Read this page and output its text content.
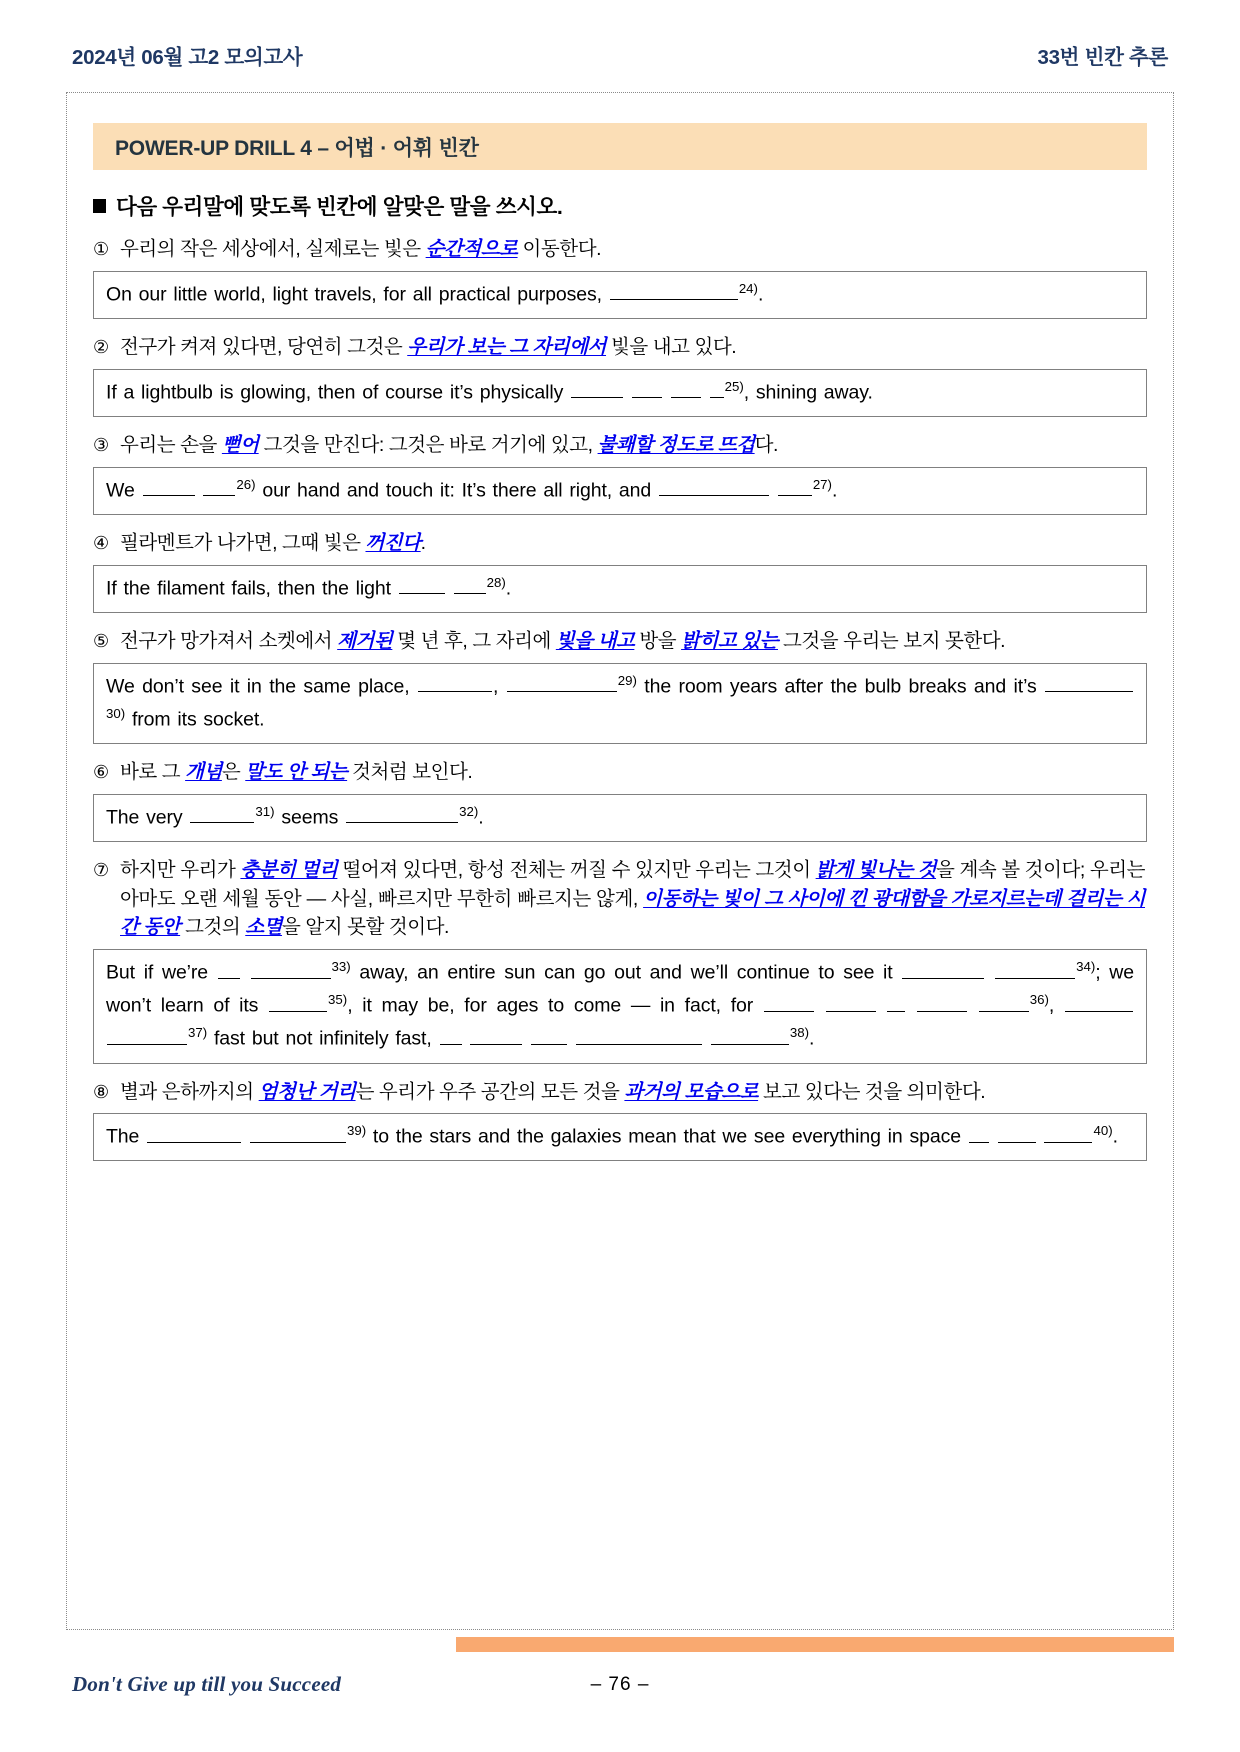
2024년 06월 고2 모의고사	33번 빈칸 추론
POWER-UP DRILL 4 – 어법 · 어휘 빈칸
다음 우리말에 맞도록 빈칸에 알맞은 말을 쓰시오.
① 우리의 작은 세상에서, 실제로는 빛은 순간적으로 이동한다.
On our little world, light travels, for all practical purposes,	$^{24)}$.
② 전구가 켜져 있다면, 당연히 그것은 우리가 보는 그 자리에서 빛을 내고 있다.
If a lightbulb is glowing, then of course it’s physically	$^{25)}$, shining away.
③ 우리는 손을 뻗어 그것을 만진다: 그것은 바로 거기에 있고, 불쾌할 정도로 뜨겁다.
We	$^{26)}$ our hand and touch it: It’s there all right, and	$^{27)}$.
④ 필라멘트가 나가면, 그때 빛은 꺼진다.
If the filament fails, then the light	$^{28)}$.
⑤ 전구가 망가져서 소켓에서 제거된 몇 년 후, 그 자리에 빛을 내고 방을 밝히고 있는 그것을 우리는 보지 못한다.
We don’t see it in the same place,	,	$^{29)}$ the room years after the bulb breaks and it’s $^{30)}$ from its socket.
⑥ 바로 그 개념은 말도 안 되는 것처럼 보인다.
The very	$^{31)}$ seems	$^{32)}$.
⑦ 하지만 우리가 충분히 멀리 떨어져 있다면, 항성 전체는 꺼질 수 있지만 우리는 그것이 밝게 빛나는 것을 계속 볼 것이다; 우리는 아마도 오랜 세월 동안 — 사실, 빠르지만 무한히 빠르지는 않게, 이동하는 빛이 그 사이에 낀 광대함을 가로지르는데 걸리는 시간 동안 그것의 소멸을 알지 못할 것이다.
But if we’re	$^{33)}$ away, an entire sun can go out and we’ll continue to see it	$^{34)}$; we won’t learn of its	$^{35)}$, it may be, for ages to come — in fact, for	$^{36)}$,  $^{37)}$ fast but not infinitely fast,	$^{38)}$.
⑧ 별과 은하까지의 엄청난 거리는 우리가 우주 공간의 모든 것을 과거의 모습으로 보고 있다는 것을 의미한다.
The	$^{39)}$ to the stars and the galaxies mean that we see everything in space	$^{40)}$.
Don't Give up till you Succeed	– 76 –
